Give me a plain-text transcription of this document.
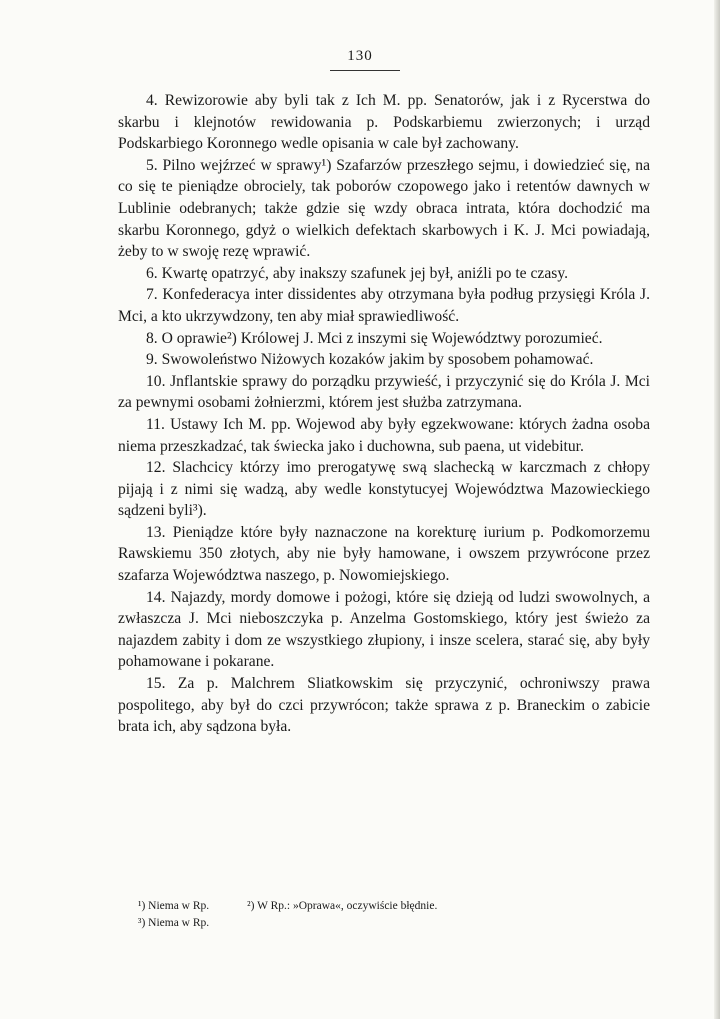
130

4. Rewizorowie aby byli tak z Ich M. pp. Senatorów, jak i z Rycerstwa do skarbu i klejnotów rewidowania p. Podskarbiemu zwierzonych; i urząd Podskarbiego Koronnego wedle opisania w cale był zachowany.

5. Pilno wejźrzeć w sprawy¹) Szafarzów przeszłego sejmu, i dowiedzieć się, na co się te pieniądze obrociely, tak poborów czopowego jako i retentów dawnych w Lublinie odebranych; także gdzie się wzdy obraca intrata, która dochodzić ma skarbu Koronnego, gdyż o wielkich defektach skarbowych i K. J. Mci powiadają, żeby to w swoję rezę wprawić.

6. Kwartę opatrzyć, aby inakszy szafunek jej był, aniźli po te czasy.

7. Konfederacya inter dissidentes aby otrzymana była podług przysięgi Króla J. Mci, a kto ukrzywdzony, ten aby miał sprawiedliwość.

8. O oprawie²) Królowej J. Mci z inszymi się Województwy porozumieć.

9. Swowoleństwo Niżowych kozaków jakim by sposobem pohamować.

10. Jnflantskie sprawy do porządku przywieść, i przyczynić się do Króla J. Mci za pewnymi osobami żołnierzmi, którem jest służba zatrzymana.

11. Ustawy Ich M. pp. Wojewod aby były egzekwowane: których żadna osoba niema przeszkadzać, tak świecka jako i duchowna, sub paena, ut videbitur.

12. Slachcicy którzy imo prerogatywę swą slachecką w karczmach z chłopy pijają i z nimi się wadzą, aby wedle konstytucyej Województwa Mazowieckiego sądzeni byli³).

13. Pieniądze które były naznaczone na korekturę iurium p. Podkomorzemu Rawskiemu 350 złotych, aby nie były hamowane, i owszem przywrócone przez szafarza Województwa naszego, p. Nowomiejskiego.

14. Najazdy, mordy domowe i pożogi, które się dzieją od ludzi swowolnych, a zwłaszcza J. Mci nieboszczyka p. Anzelma Gostomskiego, który jest świeżo za najazdem zabity i dom ze wszystkiego złupiony, i insze scelera, starać się, aby były pohamowane i pokarane.

15. Za p. Malchrem Sliatkowskim się przyczynić, ochroniwszy prawa pospolitego, aby był do czci przywrócon; także sprawa z p. Braneckim o zabicie brata ich, aby sądzona była.

¹) Niema w Rp.	²) W Rp.: »Oprawa«, oczywiście błędnie.
³) Niema w Rp.
